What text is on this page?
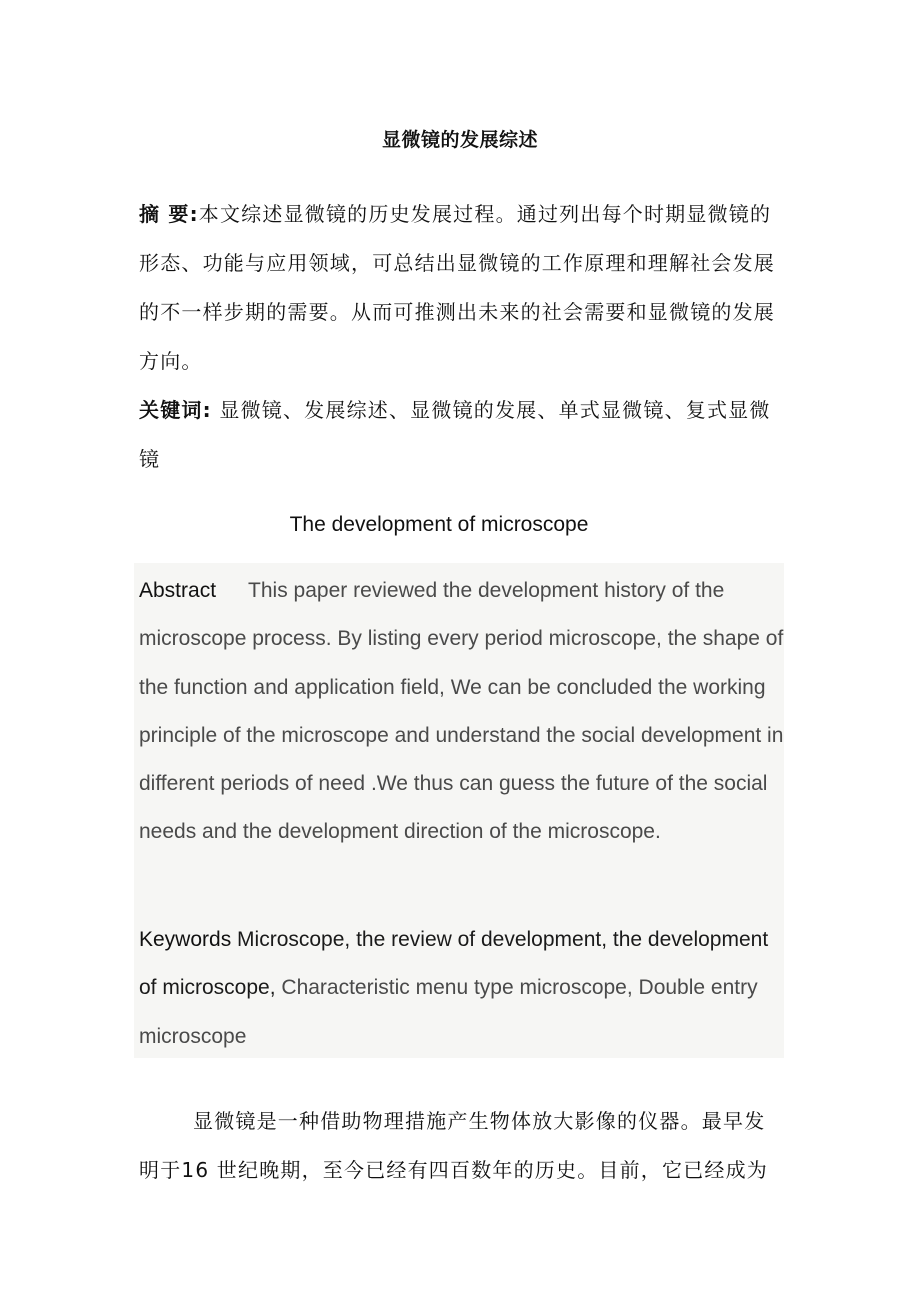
显微镜的发展综述
摘 要:本文综述显微镜的历史发展过程。通过列出每个时期显微镜的形态、功能与应用领域，可总结出显微镜的工作原理和理解社会发展的不一样步期的需要。从而可推测出未来的社会需要和显微镜的发展方向。
关键词: 显微镜、发展综述、显微镜的发展、单式显微镜、复式显微镜
The development of microscope
Abstract This paper reviewed the development history of the microscope process. By listing every period microscope, the shape of the function and application field, We can be concluded the working principle of the microscope and understand the social development in different periods of need .We thus can guess the future of the social needs and the development direction of the microscope.
Keywords Microscope, the review of development, the development of microscope, Characteristic menu type microscope, Double entry microscope
显微镜是一种借助物理措施产生物体放大影像的仪器。最早发明于16 世纪晚期，至今已经有四百数年的历史。目前，它已经成为
